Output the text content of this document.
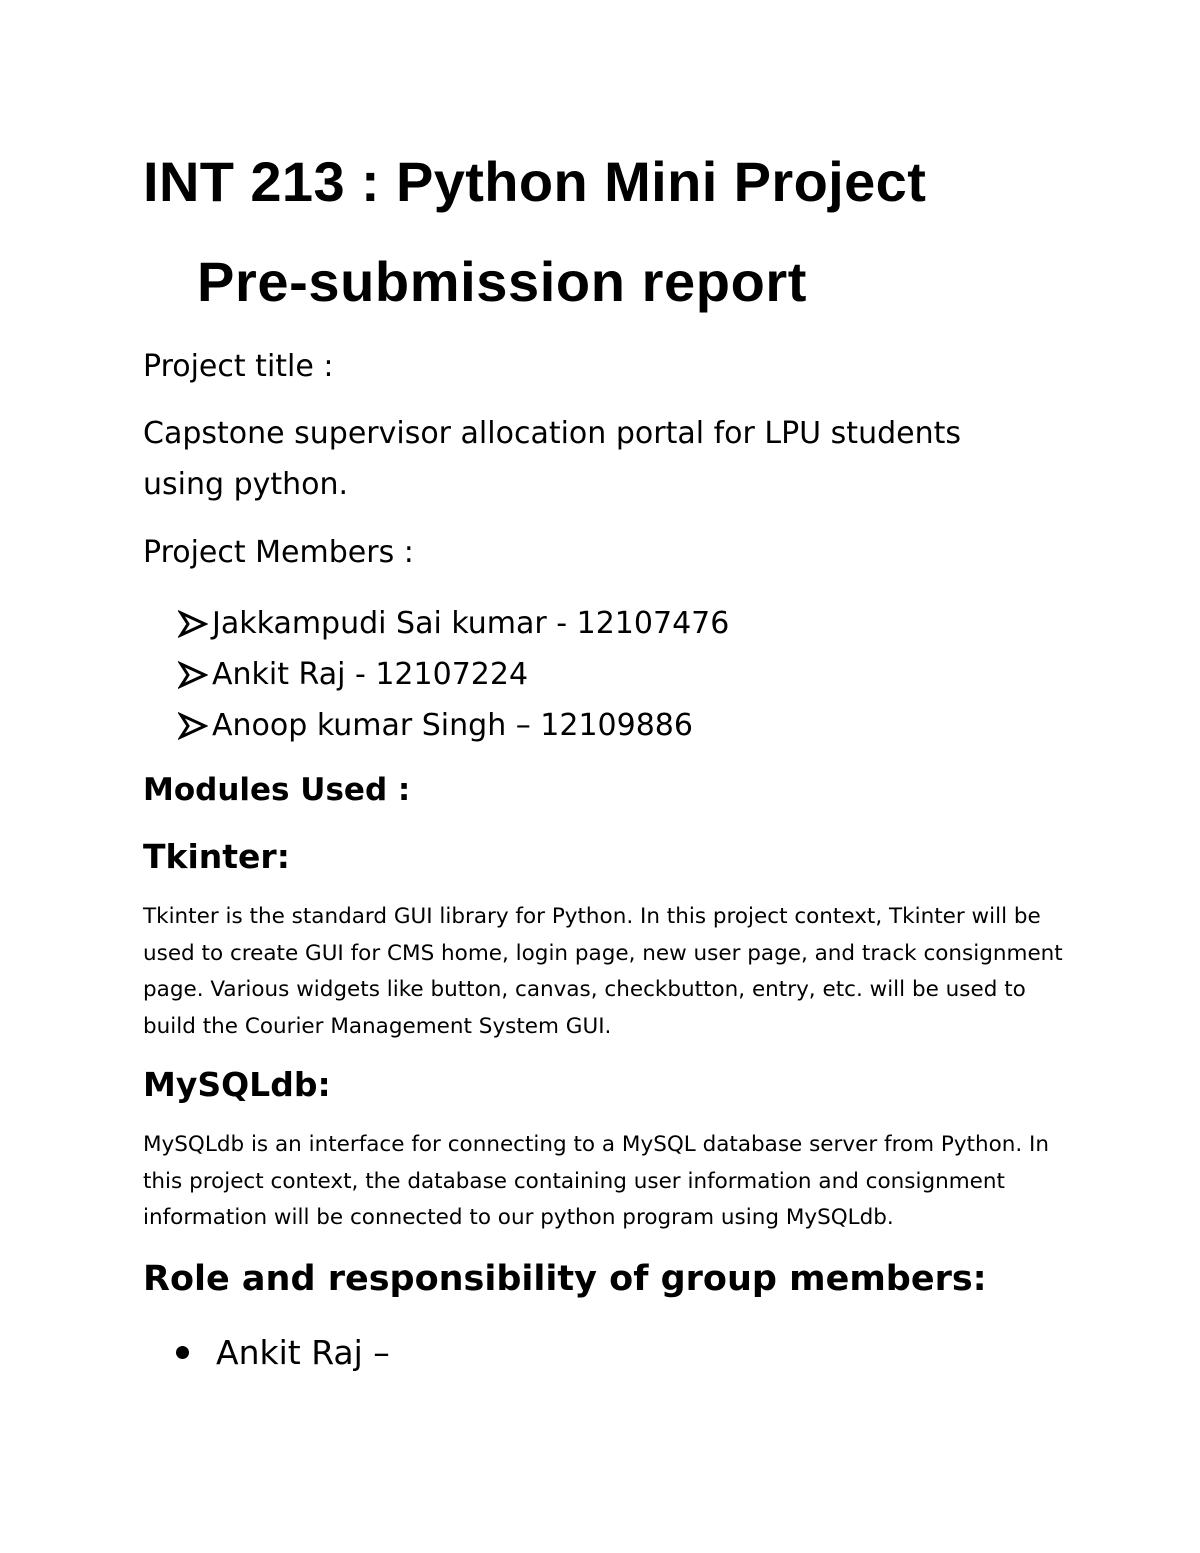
INT 213 : Python Mini Project
Pre-submission report

Project title :

Capstone supervisor allocation portal for LPU students using python.

Project Members :

Jakkampudi Sai kumar - 12107476
Ankit Raj - 12107224
Anoop kumar Singh – 12109886
Modules Used :
Tkinter:

Tkinter is the standard GUI library for Python. In this project context, Tkinter will be used to create GUI for CMS home, login page, new user page, and track consignment page. Various widgets like button, canvas, checkbutton, entry, etc. will be used to build the Courier Management System GUI.

MySQLdb:

MySQLdb is an interface for connecting to a MySQL database server from Python. In this project context, the database containing user information and consignment information will be connected to our python program using MySQLdb.

Role and responsibility of group members:
Ankit Raj –
